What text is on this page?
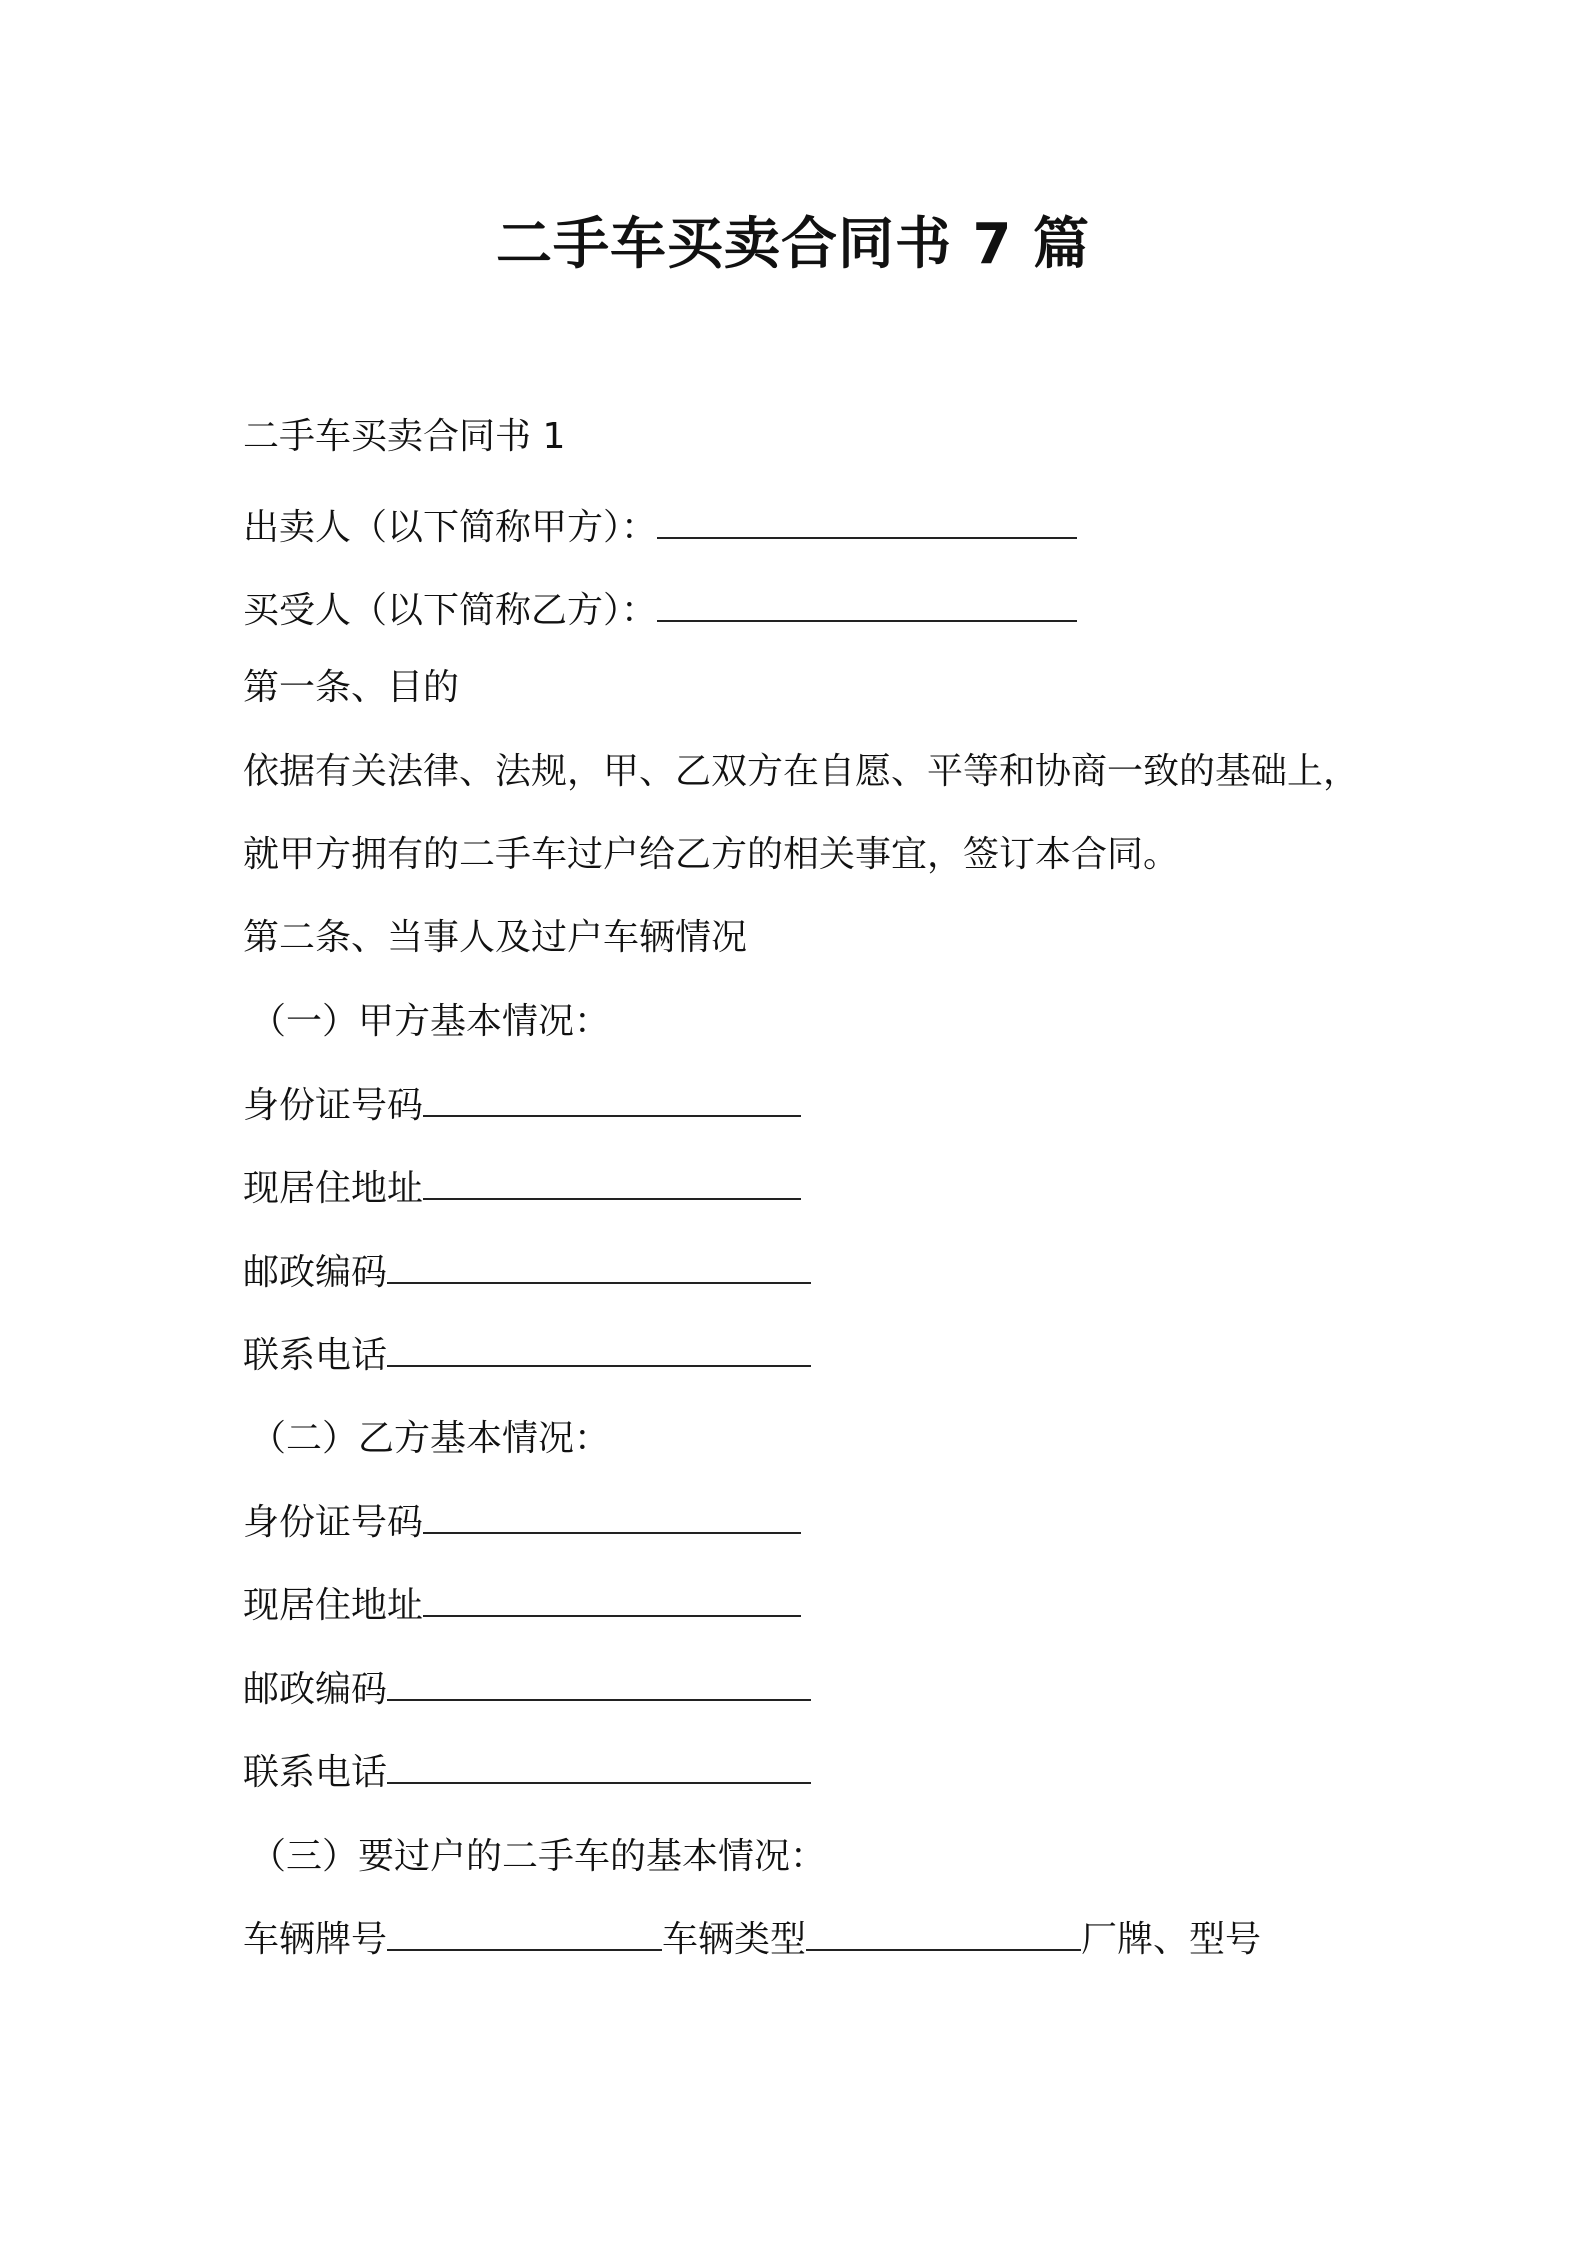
二手车买卖合同书 7 篇

二手车买卖合同书 1

出卖人（以下简称甲方）：

买受人（以下简称乙方）：

第一条、目的

依据有关法律、法规，甲、乙双方在自愿、平等和协商一致的基础上，

就甲方拥有的二手车过户给乙方的相关事宜，签订本合同。

第二条、当事人及过户车辆情况

（一）甲方基本情况：

身份证号码

现居住地址

邮政编码

联系电话

（二）乙方基本情况：

身份证号码

现居住地址

邮政编码

联系电话

（三）要过户的二手车的基本情况：

车辆牌号	车辆类型	厂牌、型号
